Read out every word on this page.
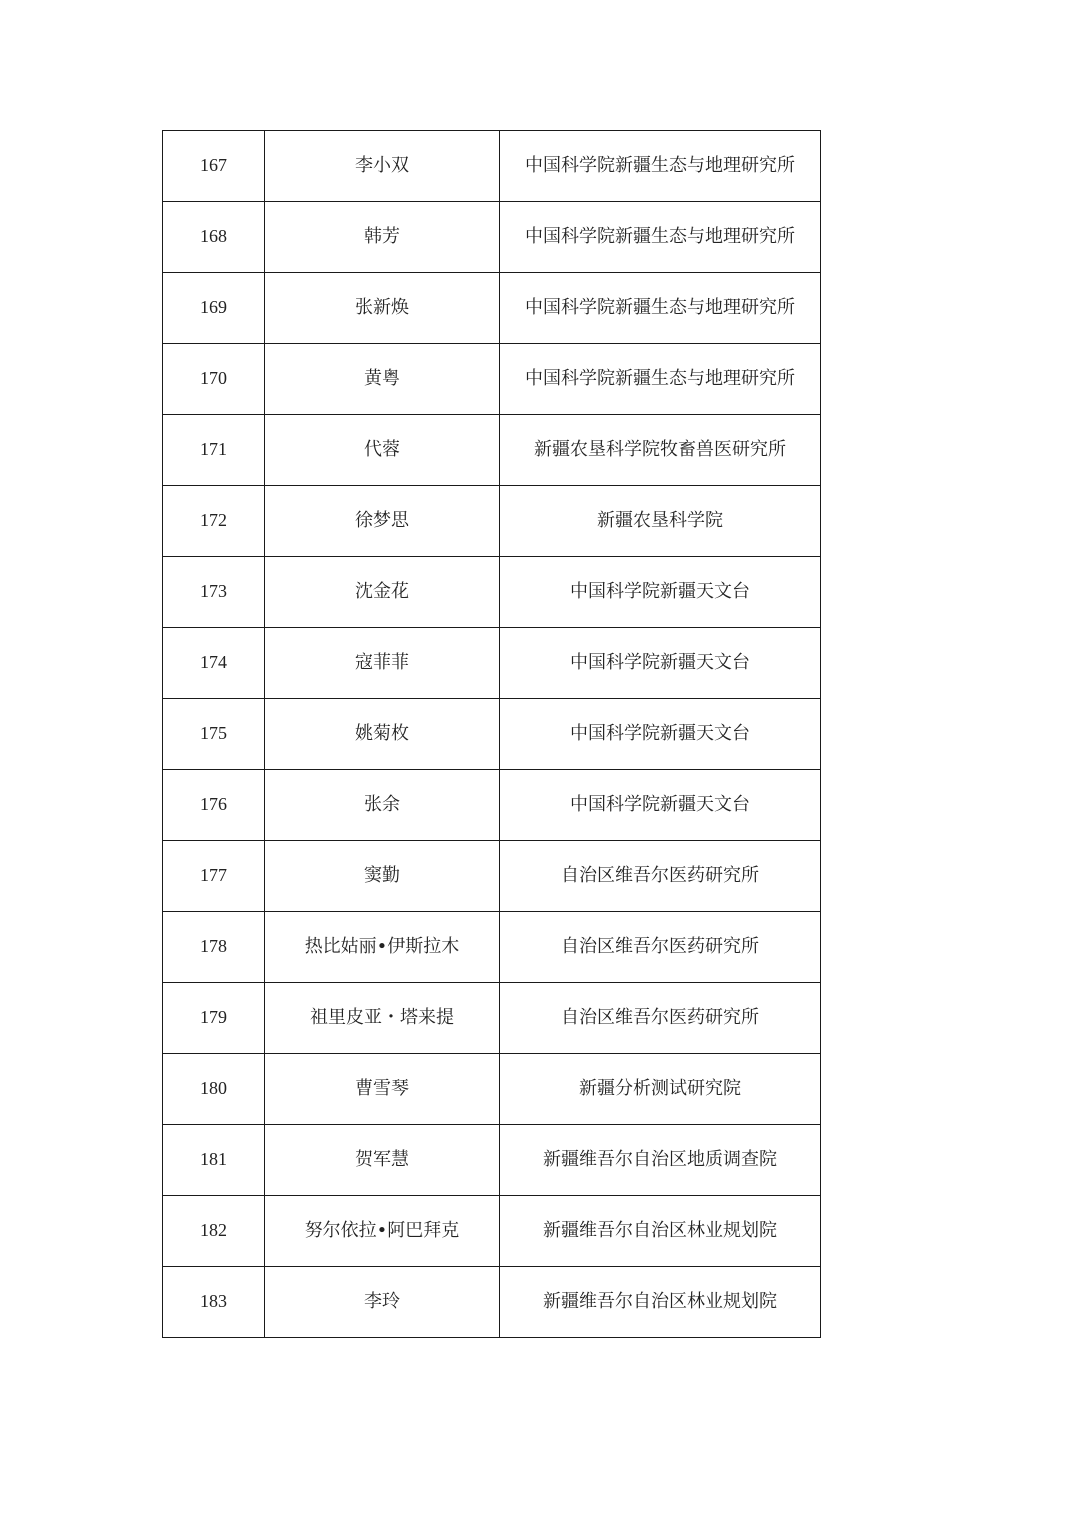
167	李小双	中国科学院新疆生态与地理研究所
168	韩芳	中国科学院新疆生态与地理研究所
169	张新焕	中国科学院新疆生态与地理研究所
170	黄粤	中国科学院新疆生态与地理研究所
171	代蓉	新疆农垦科学院牧畜兽医研究所
172	徐梦思	新疆农垦科学院
173	沈金花	中国科学院新疆天文台
174	寇菲菲	中国科学院新疆天文台
175	姚菊枚	中国科学院新疆天文台
176	张余	中国科学院新疆天文台
177	窦勤	自治区维吾尔医药研究所
178	热比姑丽•伊斯拉木	自治区维吾尔医药研究所
179	祖里皮亚・塔来提	自治区维吾尔医药研究所
180	曹雪琴	新疆分析测试研究院
181	贺军慧	新疆维吾尔自治区地质调查院
182	努尔依拉•阿巴拜克	新疆维吾尔自治区林业规划院
183	李玲	新疆维吾尔自治区林业规划院
